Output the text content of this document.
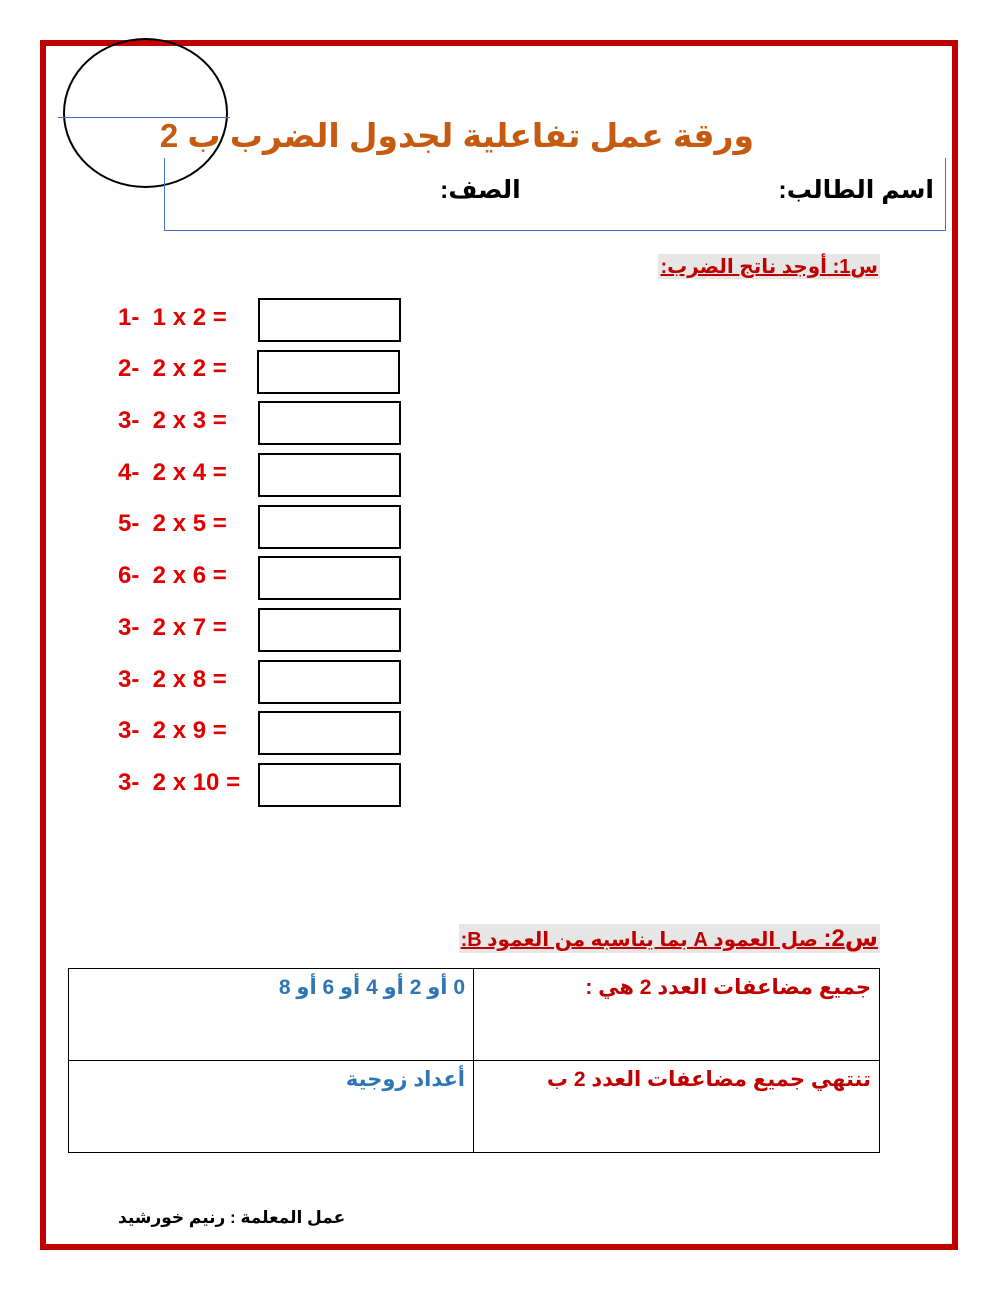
ورقة عمل تفاعلية لجدول الضرب ب 2
اسم الطالب:
الصف:
س1: أوجد ناتج الضرب:
1-  1 x 2 =
2-  2 x 2 =
3-  2 x 3 =
4-  2 x 4 =
5-  2 x 5 =
6-  2 x 6 =
3-  2 x 7 =
3-  2 x 8 =
3-  2 x 9 =
3-  2 x 10 =
س2: صل العمود A بما يناسبه من العمود B:
جميع مضاعفات العدد 2 هي :	0 أو 2 أو 4 أو 6 أو 8
تنتهي جميع مضاعفات العدد 2 ب	أعداد زوجية
عمل المعلمة : رنيم خورشيد
